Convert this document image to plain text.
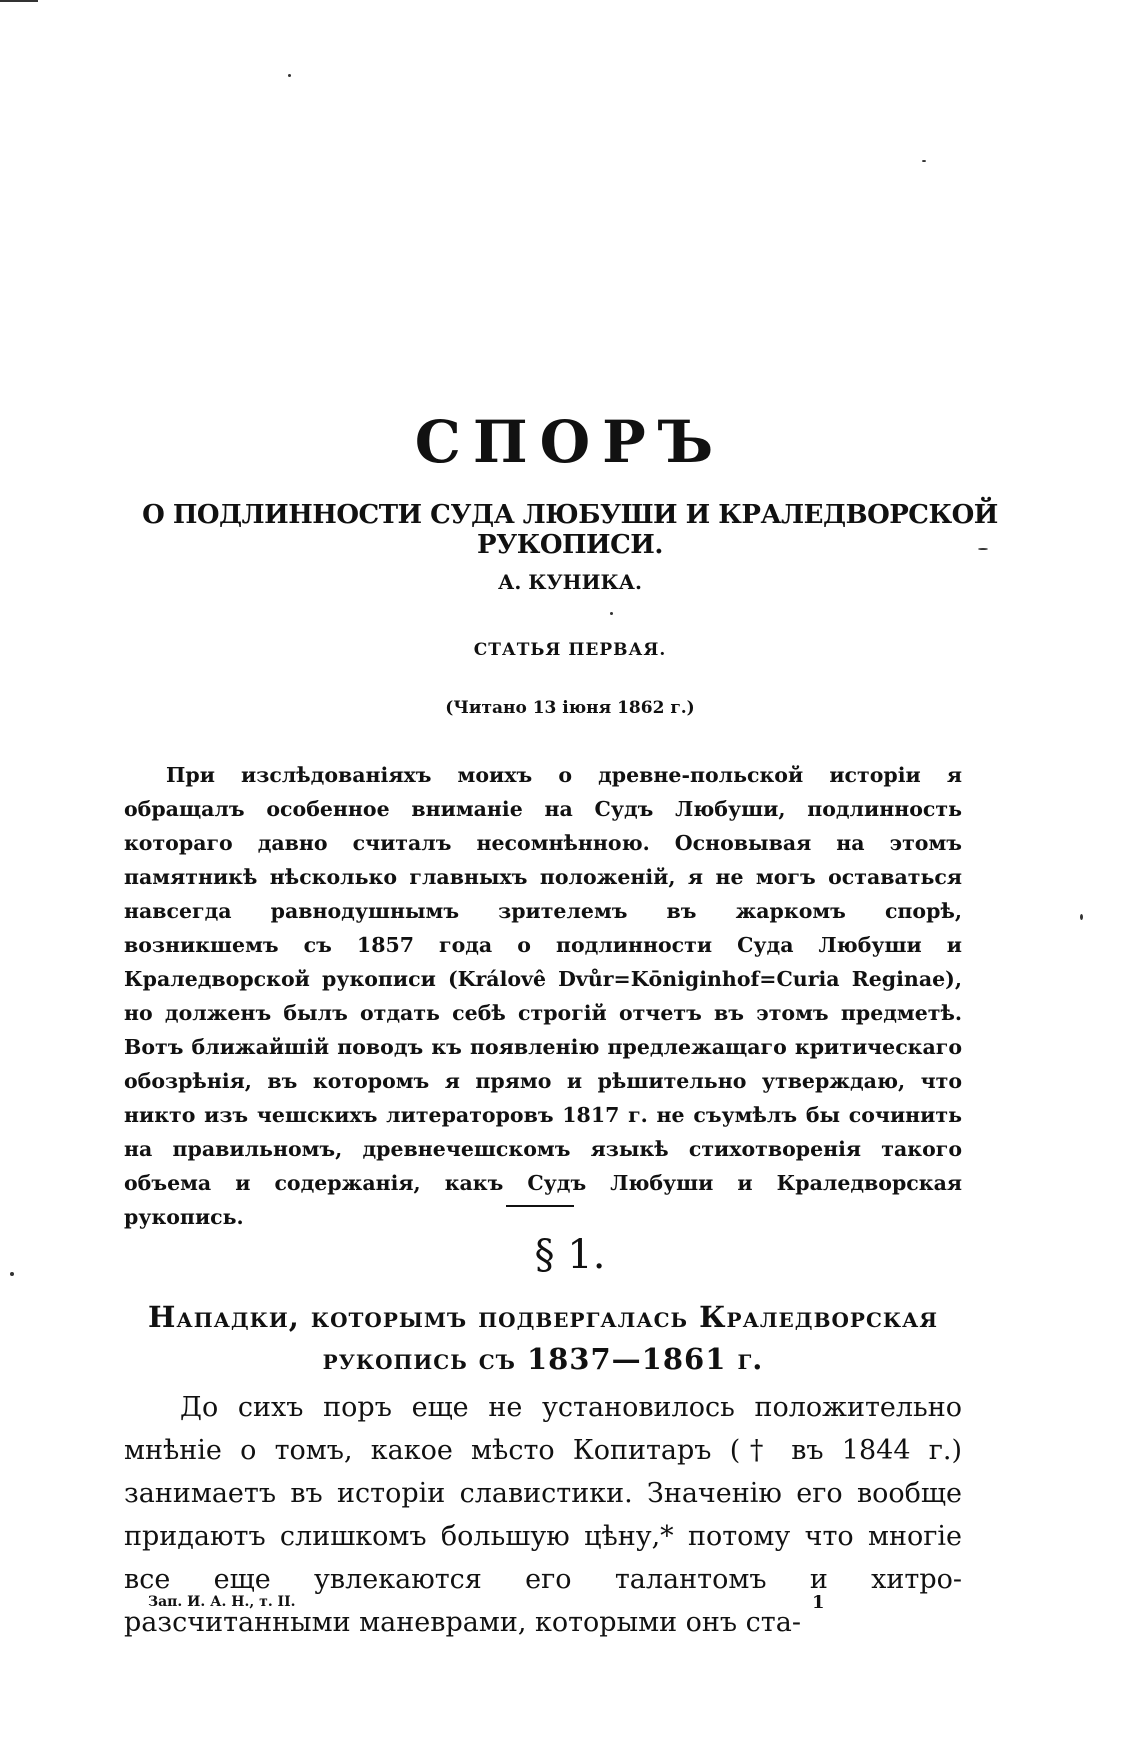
СПОРЪ
О ПОДЛИННОСТИ СУДА ЛЮБУШИ И КРАЛЕДВОРСКОЙ РУКОПИСИ.
А. КУНИКА.
СТАТЬЯ ПЕРВАЯ.
(Читано 13 іюня 1862 г.)
При изслѣдованіяхъ моихъ о древне-польской исторіи я обращалъ особенное вниманіе на Судъ Любуши, подлинность котораго давно считалъ несомнѣнною. Основывая на этомъ памятникѣ нѣсколько главныхъ положеній, я не могъ оставаться навсегда равнодушнымъ зрителемъ въ жаркомъ спорѣ, возникшемъ съ 1857 года о подлинности Суда Любуши и Краледворской рукописи (Královê Dvůr=Kōniginhof=Curia Reginae), но долженъ былъ отдать себѣ строгій отчетъ въ этомъ предметѣ. Вотъ ближайшій поводъ къ появленію предлежащаго критическаго обозрѣнія, въ которомъ я прямо и рѣшительно утверждаю, что никто изъ чешскихъ литераторовъ 1817 г. не съумѣлъ бы сочинить на правильномъ, древнечешскомъ языкѣ стихотворенія такого объема и содержанія, какъ Судъ Любуши и Краледворская рукопись.
§ 1.
Нападки, которымъ подвергалась Краледворская рукопись съ 1837—1861 г.
До сихъ поръ еще не установилось положительно мнѣніе о томъ, какое мѣсто Копитаръ († въ 1844 г.) занимаетъ въ исторіи славистики. Значенію его вообще придаютъ слишкомъ большую цѣну,* потому что многіе все еще увлекаются его талантомъ и хитро-разсчитанными маневрами, которыми онъ ста-
Зап. И. А. Н., т. II.	1
